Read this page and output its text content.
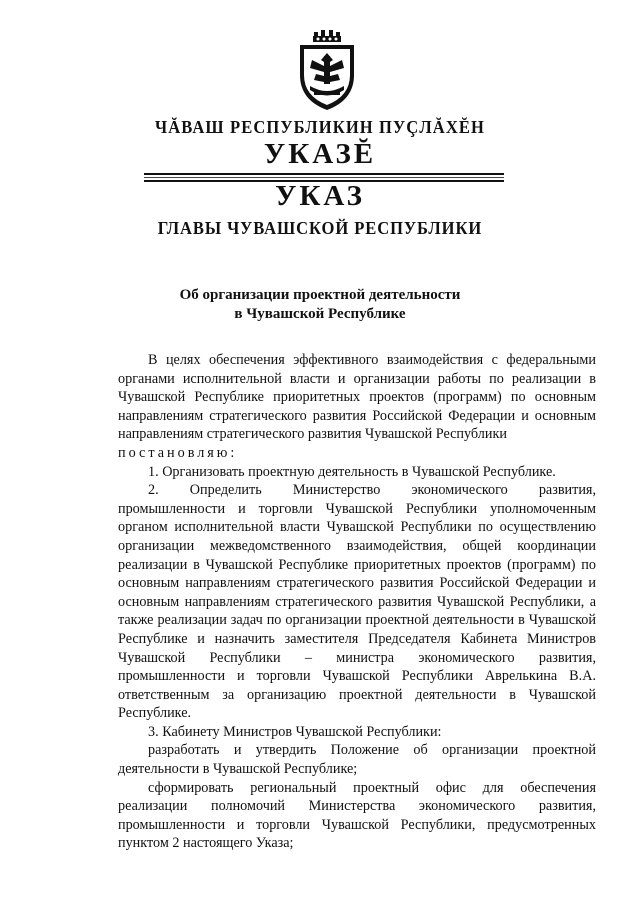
ЧĂВАШ РЕСПУБЛИКИН ПУÇЛĂХĔН
УКАЗĔ
УКАЗ
ГЛАВЫ ЧУВАШСКОЙ РЕСПУБЛИКИ
Об организации проектной деятельности
в Чувашской Республике

В целях обеспечения эффективного взаимодействия с федеральными органами исполнительной власти и организации работы по реализации в Чувашской Республике приоритетных проектов (программ) по основным направлениям стратегического развития Российской Федерации и основным направлениям стратегического развития Чувашской Республики

постановляю:

1. Организовать проектную деятельность в Чувашской Республике.

2. Определить Министерство экономического развития, промышленности и торговли Чувашской Республики уполномоченным органом исполнительной власти Чувашской Республики по осуществлению организации межведомственного взаимодействия, общей координации реализации в Чувашской Республике приоритетных проектов (программ) по основным направлениям стратегического развития Российской Федерации и основным направлениям стратегического развития Чувашской Республики, а также реализации задач по организации проектной деятельности в Чувашской Республике и назначить заместителя Председателя Кабинета Министров Чувашской Республики – министра экономического развития, промышленности и торговли Чувашской Республики Аврелькина В.А. ответственным за организацию проектной деятельности в Чувашской Республике.

3. Кабинету Министров Чувашской Республики:

разработать и утвердить Положение об организации проектной деятельности в Чувашской Республике;

сформировать региональный проектный офис для обеспечения реализации полномочий Министерства экономического развития, промышленности и торговли Чувашской Республики, предусмотренных пунктом 2 настоящего Указа;
